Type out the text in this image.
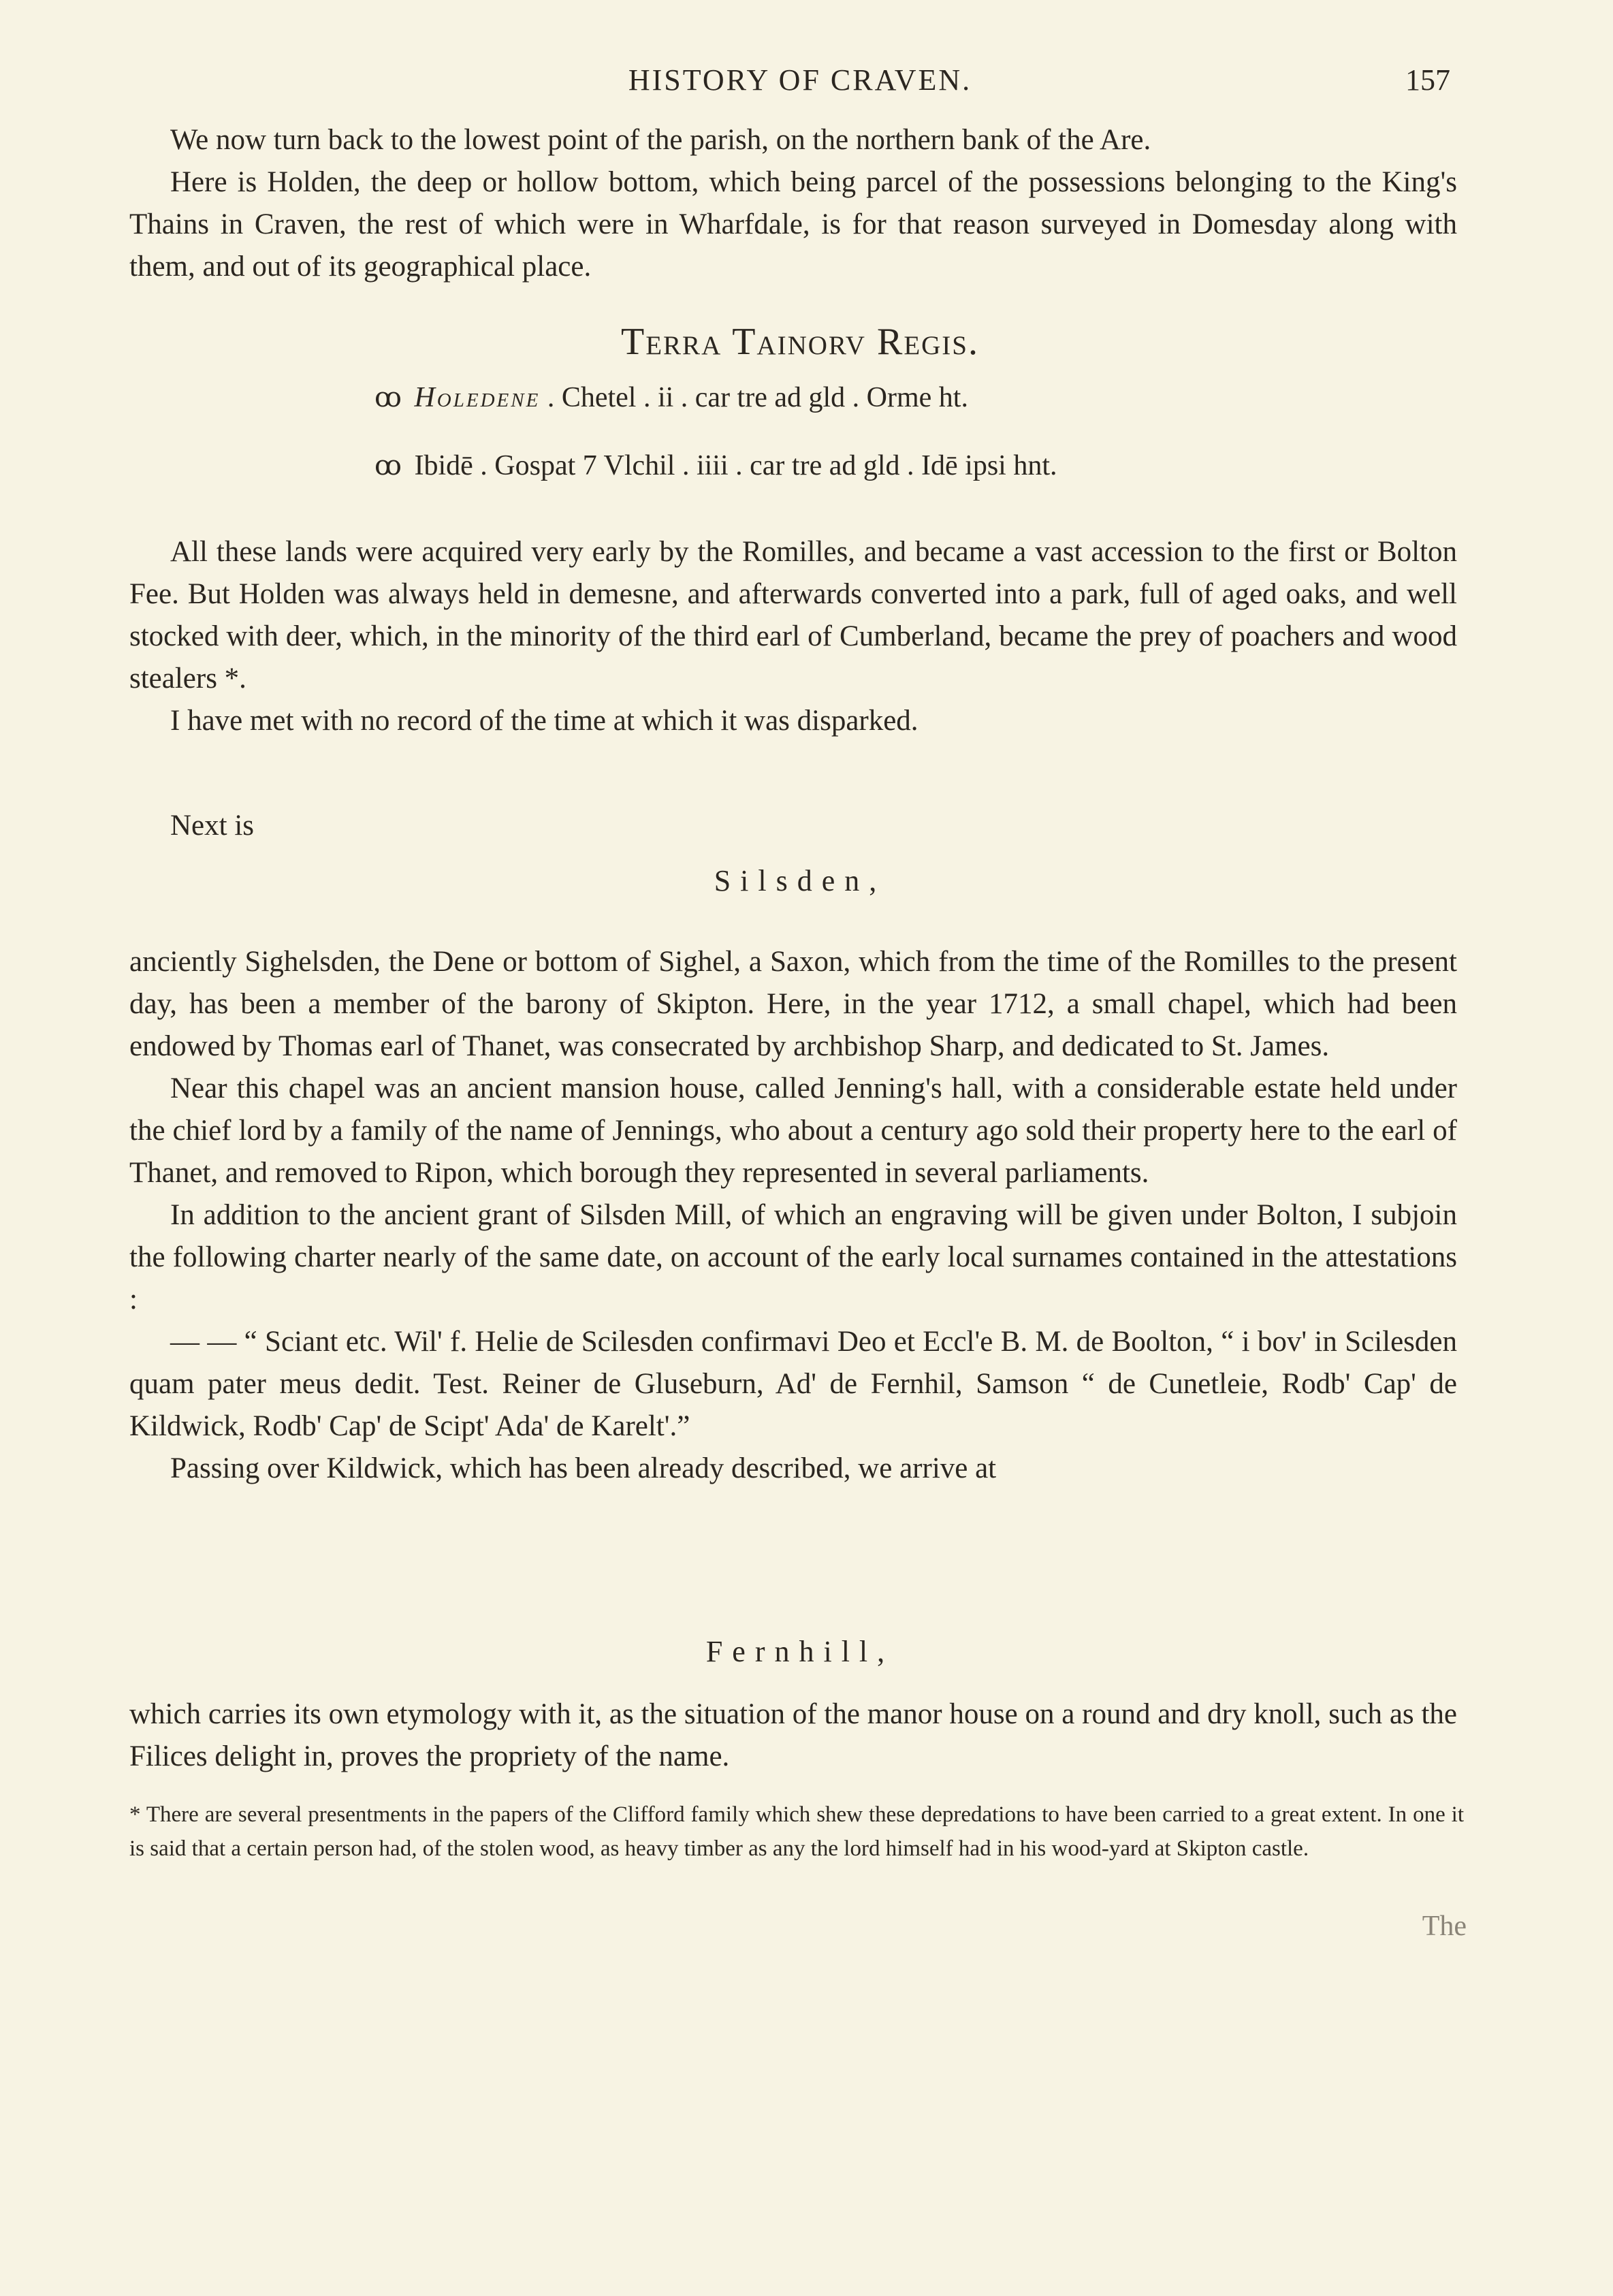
HISTORY OF CRAVEN.	157

We now turn back to the lowest point of the parish, on the northern bank of the Are.

Here is Holden, the deep or hollow bottom, which being parcel of the possessions belonging to the King's Thains in Craven, the rest of which were in Wharfdale, is for that reason surveyed in Domesday along with them, and out of its geographical place.

Terra Tainorv Regis.
ꝏ Holedene . Chetel . ii . car tre ad gld . Orme ht.
ꝏ Ibidē . Gospat 7 Vlchil . iiii . car tre ad gld . Idē ipsi hnt.

All these lands were acquired very early by the Romilles, and became a vast accession to the first or Bolton Fee. But Holden was always held in demesne, and afterwards converted into a park, full of aged oaks, and well stocked with deer, which, in the minority of the third earl of Cumberland, became the prey of poachers and wood stealers *.

I have met with no record of the time at which it was disparked.

Next is
Silsden,

anciently Sighelsden, the Dene or bottom of Sighel, a Saxon, which from the time of the Romilles to the present day, has been a member of the barony of Skipton. Here, in the year 1712, a small chapel, which had been endowed by Thomas earl of Thanet, was consecrated by archbishop Sharp, and dedicated to St. James.

Near this chapel was an ancient mansion house, called Jenning's hall, with a considerable estate held under the chief lord by a family of the name of Jennings, who about a century ago sold their property here to the earl of Thanet, and removed to Ripon, which borough they represented in several parliaments.

In addition to the ancient grant of Silsden Mill, of which an engraving will be given under Bolton, I subjoin the following charter nearly of the same date, on account of the early local surnames contained in the attestations :

— — “ Sciant etc. Wil' f. Helie de Scilesden confirmavi Deo et Eccl'e B. M. de Boolton, “ i bov' in Scilesden quam pater meus dedit. Test. Reiner de Gluseburn, Ad' de Fernhil, Samson “ de Cunetleie, Rodb' Cap' de Kildwick, Rodb' Cap' de Scipt' Ada' de Karelt'.”

Passing over Kildwick, which has been already described, we arrive at

Fernhill,

which carries its own etymology with it, as the situation of the manor house on a round and dry knoll, such as the Filices delight in, proves the propriety of the name.

* There are several presentments in the papers of the Clifford family which shew these depredations to have been carried to a great extent. In one it is said that a certain person had, of the stolen wood, as heavy timber as any the lord himself had in his wood-yard at Skipton castle.
The
